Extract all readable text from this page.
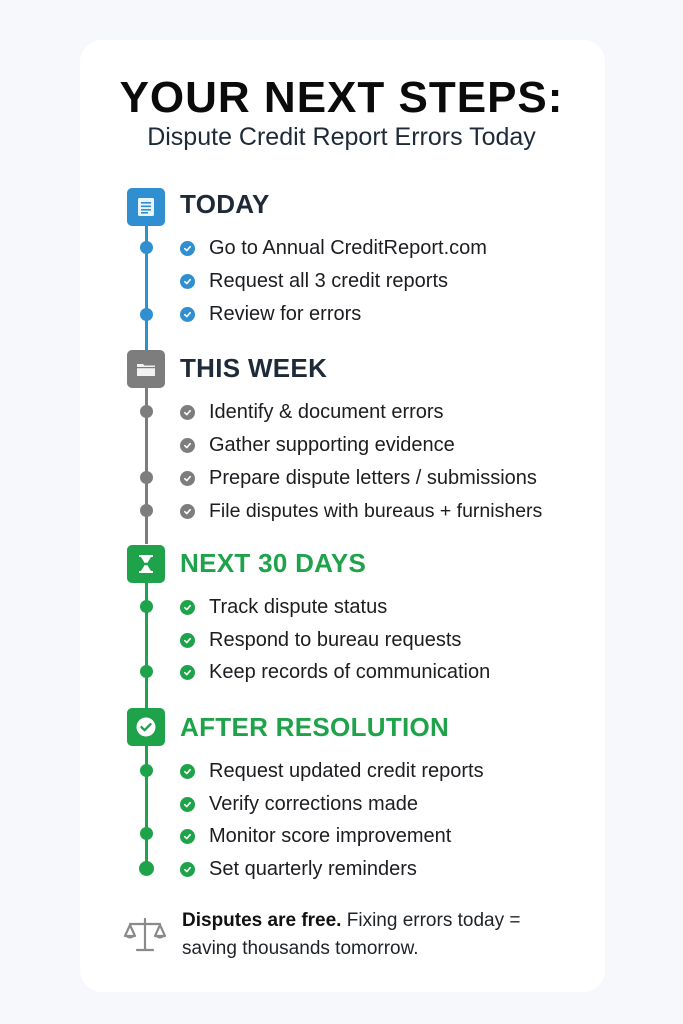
YOUR NEXT STEPS:
Dispute Credit Report Errors Today
TODAY
Go to Annual CreditReport.com
Request all 3 credit reports
Review for errors
THIS WEEK
Identify & document errors
Gather supporting evidence
Prepare dispute letters / submissions
File disputes with bureaus + furnishers
NEXT 30 DAYS
Track dispute status
Respond to bureau requests
Keep records of communication
AFTER RESOLUTION
Request updated credit reports
Verify corrections made
Monitor score improvement
Set quarterly reminders
Disputes are free. Fixing errors today = saving thousands tomorrow.
